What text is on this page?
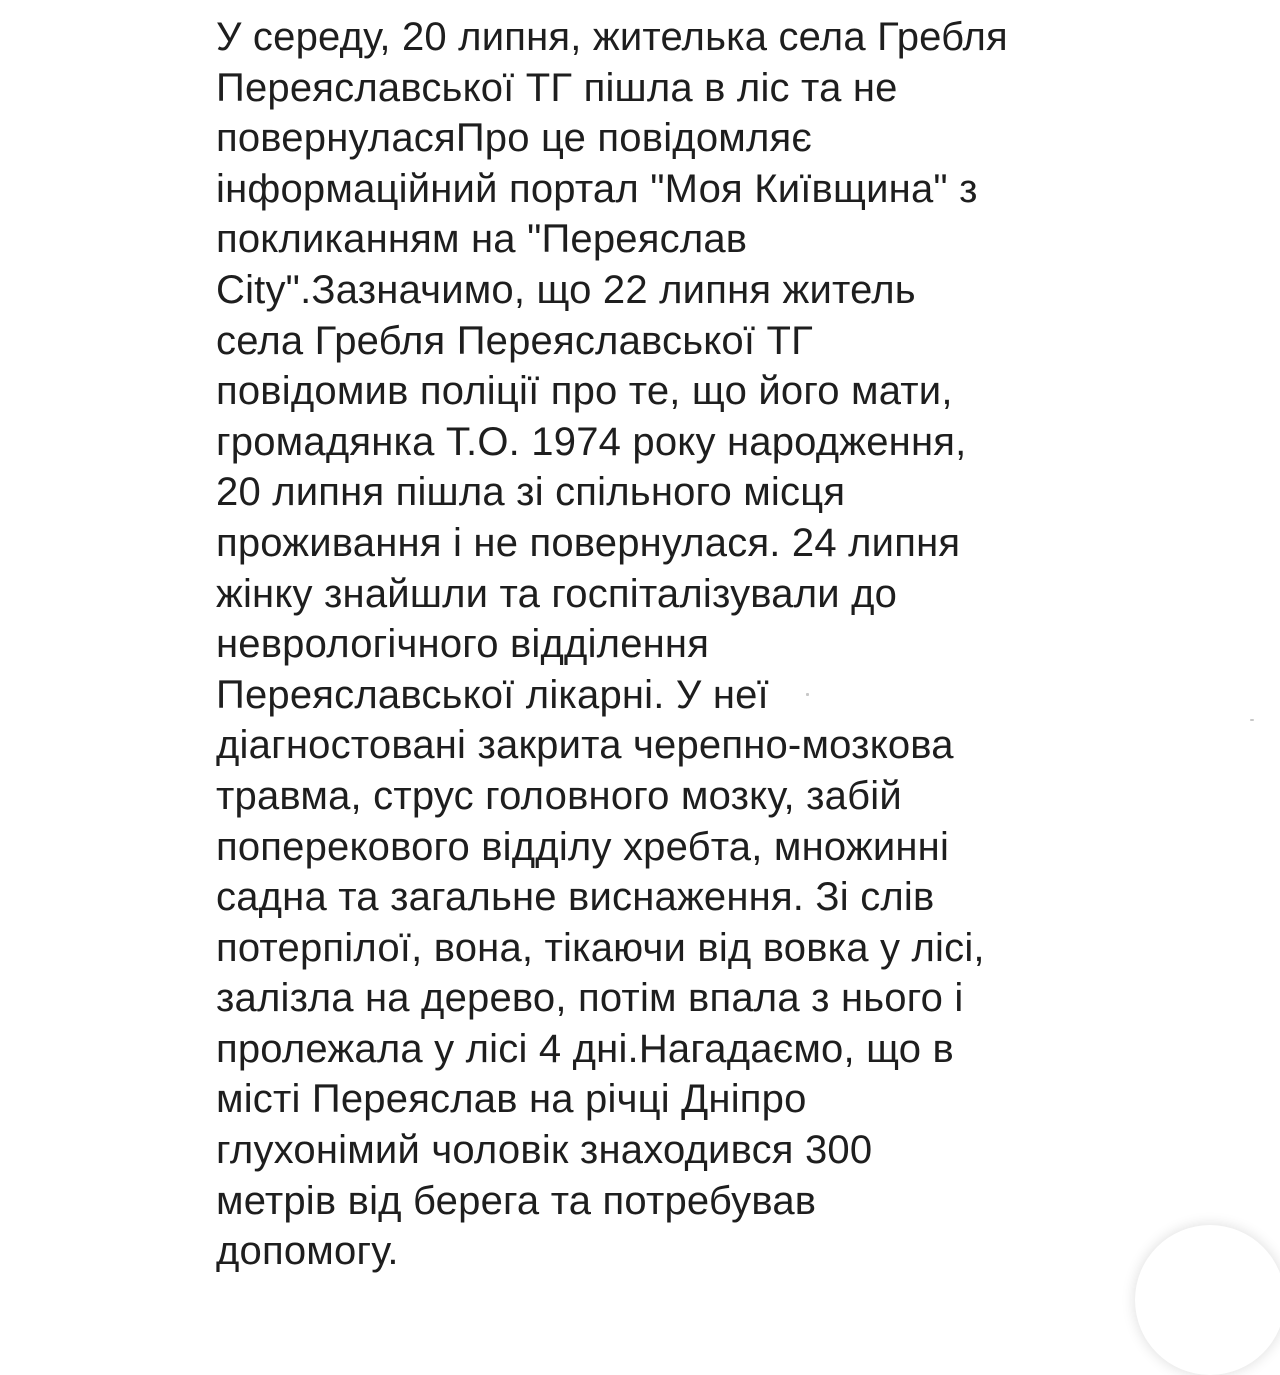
У середу, 20 липня, жителька села Гребля
Переяславської ТГ пішла в ліс та не
повернуласяПро це повідомляє
інформаційний портал "Моя Київщина" з
покликанням на "Переяслав
City".Зазначимо, що 22 липня житель
села Гребля Переяславської ТГ
повідомив поліції про те, що його мати,
громадянка Т.О. 1974 року народження,
20 липня пішла зі спільного місця
проживання і не повернулася. 24 липня
жінку знайшли та госпіталізували до
неврологічного відділення
Переяславської лікарні. У неї
діагностовані закрита черепно-мозкова
травма, струс головного мозку, забій
поперекового відділу хребта, множинні
садна та загальне виснаження. Зі слів
потерпілої, вона, тікаючи від вовка у лісі,
залізла на дерево, потім впала з нього і
пролежала у лісі 4 дні.Нагадаємо, що в
місті Переяслав на річці Дніпро
глухонімий чоловік знаходився 300
метрів від берега та потребував
допомогу.
